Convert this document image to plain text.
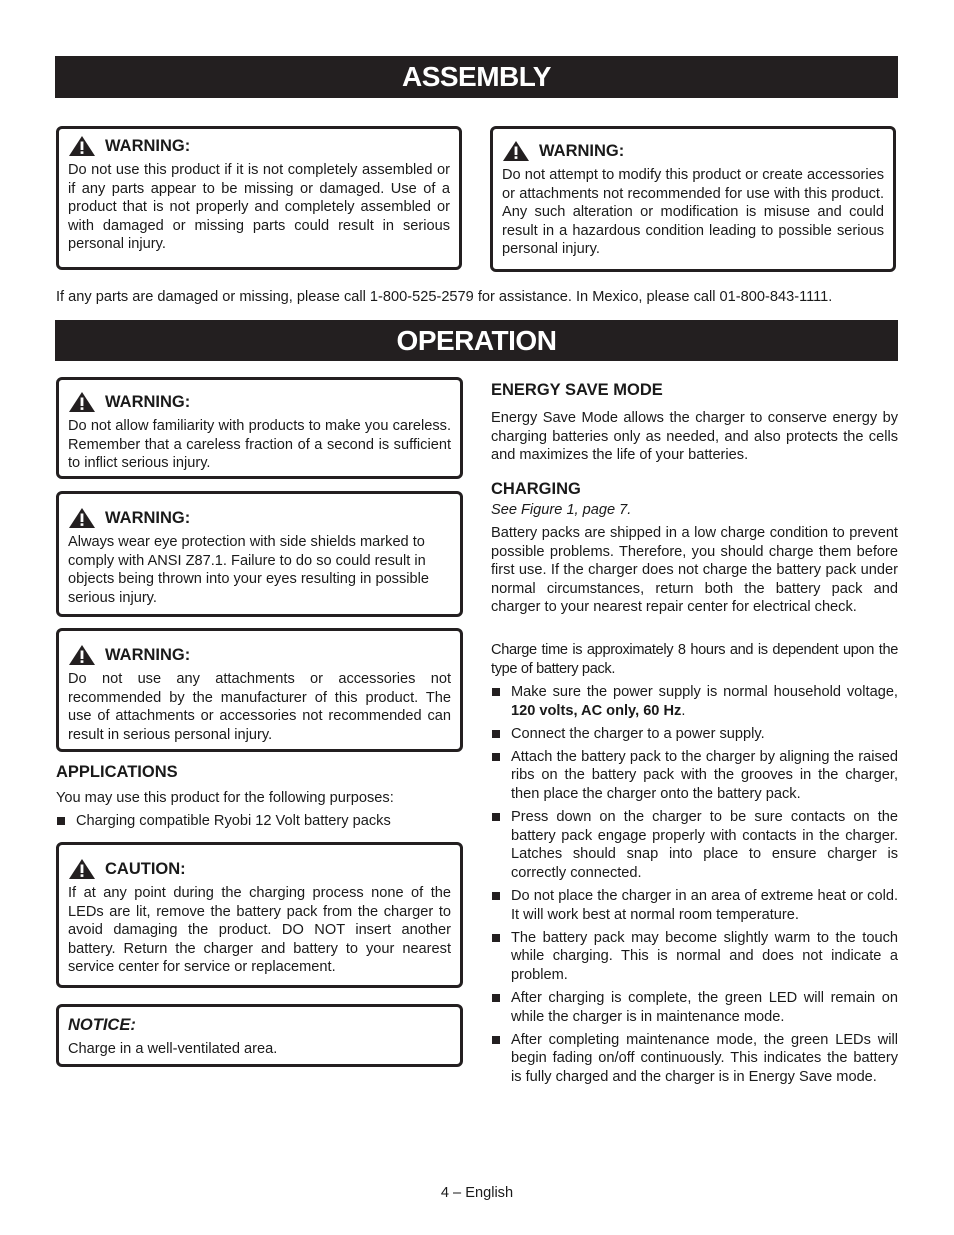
ASSEMBLY
WARNING:
Do not use this product if it is not completely assembled or if any parts appear to be missing or damaged. Use of a product that is not properly and completely assembled or with damaged or missing parts could result in serious personal injury.
WARNING:
Do not attempt to modify this product or create accessories or attachments not recommended for use with this product. Any such alteration or modification is misuse and could result in a hazardous condition leading to possible serious personal injury.
If any parts are damaged or missing, please call 1-800-525-2579 for assistance. In Mexico, please call 01-800-843-1111.
OPERATION
WARNING:
Do not allow familiarity with products to make you careless. Remember that a careless fraction of a second is sufficient to inflict serious injury.
WARNING:
Always wear eye protection with side shields marked to comply with ANSI Z87.1. Failure to do so could result in objects being thrown into your eyes resulting in possible serious injury.
WARNING:
Do not use any attachments or accessories not recommended by the manufacturer of this product. The use of attachments or accessories not recommended can result in serious personal injury.
APPLICATIONS
You may use this product for the following purposes:
Charging compatible Ryobi 12 Volt battery packs
CAUTION:
If at any point during the charging process none of the LEDs are lit, remove the battery pack from the charger to avoid damaging the product. DO NOT insert another battery. Return the charger and battery to your nearest service center for service or replacement.
NOTICE:
Charge in a well-ventilated area.
ENERGY SAVE MODE
Energy Save Mode allows the charger to conserve energy by charging batteries only as needed, and also protects the cells and maximizes the life of your batteries.
CHARGING
See Figure 1, page 7.
Battery packs are shipped in a low charge condition to prevent possible problems. Therefore, you should charge them before first use. If the charger does not charge the battery pack under normal circumstances, return both the battery pack and charger to your nearest repair center for electrical check.
Charge time is approximately 8 hours and is dependent upon the type of battery pack.
Make sure the power supply is normal household voltage, 120 volts, AC only, 60 Hz.
Connect the charger to a power supply.
Attach the battery pack to the charger by aligning the raised ribs on the battery pack with the grooves in the charger, then place the charger onto the battery pack.
Press down on the charger to be sure contacts on the battery pack engage properly with contacts in the charger. Latches should snap into place to ensure charger is correctly connected.
Do not place the charger in an area of extreme heat or cold. It will work best at normal room temperature.
The battery pack may become slightly warm to the touch while charging. This is normal and does not indicate a problem.
After charging is complete, the green LED will remain on while the charger is in maintenance mode.
After completing maintenance mode, the green LEDs will begin fading on/off continuously. This indicates the battery is fully charged and the charger is in Energy Save mode.
4 – English
